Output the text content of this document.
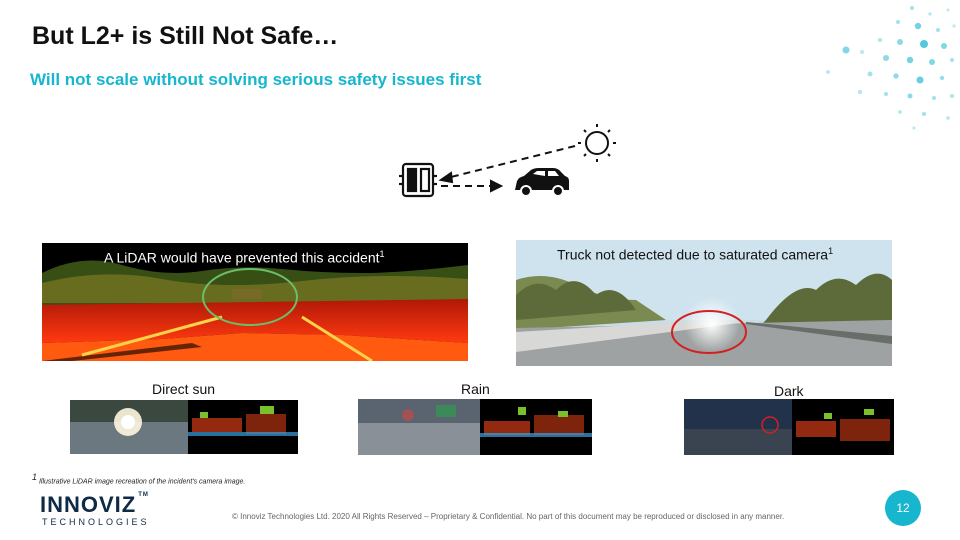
But L2+ is Still Not Safe…
Will not scale without solving serious safety issues first
A LiDAR would have prevented this accident$^1$	Truck not detected due to saturated camera$^1$
Direct sun	Rain	Dark
$^1$ Illustrative LiDAR image recreation of the incident's camera image.
INNOVIZ ™
TECHNOLOGIES
© Innoviz Technologies Ltd. 2020 All Rights Reserved – Proprietary & Confidential. No part of this document may be reproduced or disclosed in any manner.
12
